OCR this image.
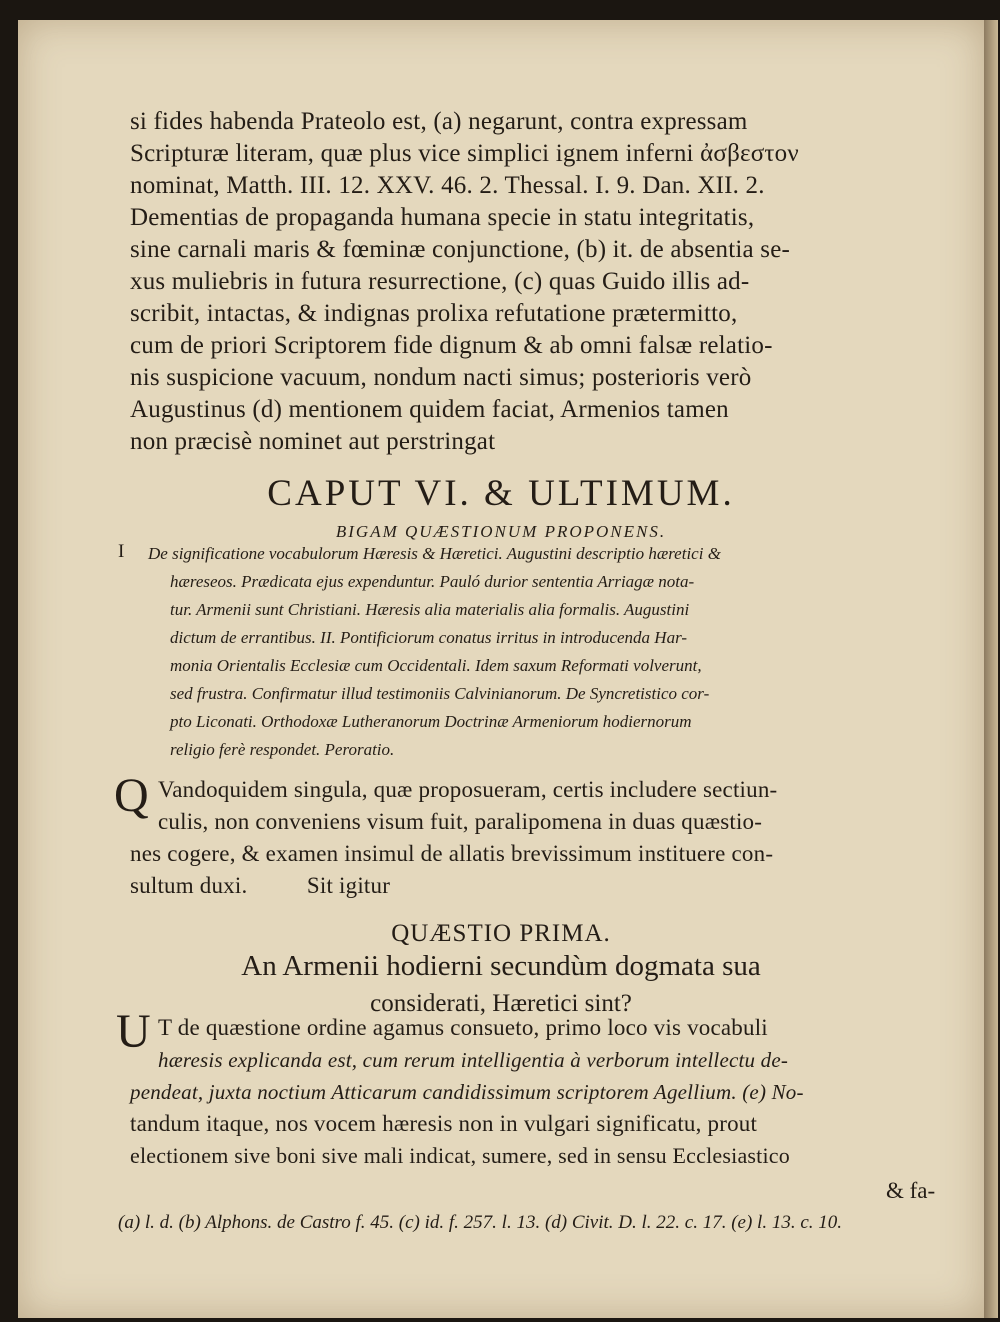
si fides habenda Prateolo est, (a) negarunt, contra expressam
Scripturæ literam, quæ plus vice simplici ignem inferni ἀσβεστον
nominat, Matth. III. 12. XXV. 46. 2. Thessal. I. 9. Dan. XII. 2.
Dementias de propaganda humana specie in statu integritatis,
sine carnali maris & fœminæ conjunctione, (b) it. de absentia se-
xus muliebris in futura resurrectione, (c) quas Guido illis ad-
scribit, intactas, & indignas prolixa refutatione prætermitto,
cum de priori Scriptorem fide dignum & ab omni falsæ relatio-
nis suspicione vacuum, nondum nacti simus; posterioris verò
Augustinus (d) mentionem quidem faciat, Armenios tamen
non præcisè nominet aut perstringat
CAPUT VI. & ULTIMUM.
BIGAM QUÆSTIONUM PROPONENS.
I De significatione vocabulorum Hæresis & Hæretici. Augustini descriptio hæretici &
hæreseos. Prædicata ejus expenduntur. Pauló durior sententia Arriagæ nota-
tur. Armenii sunt Christiani. Hæresis alia materialis alia formalis. Augustini
dictum de errantibus. II. Pontificiorum conatus irritus in introducenda Har-
monia Orientalis Ecclesiæ cum Occidentali. Idem saxum Reformati volverunt,
sed frustra. Confirmatur illud testimoniis Calvinianorum. De Syncretistico cor-
pto Liconati. Orthodoxæ Lutheranorum Doctrinæ Armeniorum hodiernorum
religio ferè respondet. Peroratio.
Q Vandoquidem singula, quæ proposueram, certis includere sectiun-
culis, non conveniens visum fuit, paralipomena in duas quæstio-
nes cogere, & examen insimul de allatis brevissimum instituere con-
sultum duxi.          Sit igitur
QUÆSTIO PRIMA.
An Armenii hodierni secundùm dogmata sua
considerati, Hæretici sint?
U T de quæstione ordine agamus consueto, primo loco vis vocabuli
hæresis explicanda est, cum rerum intelligentia à verborum intellectu de-
pendeat, juxta noctium Atticarum candidissimum scriptorem Agellium. (e) No-
tandum itaque, nos vocem hæresis non in vulgari significatu, prout
electionem sive boni sive mali indicat, sumere, sed in sensu Ecclesiastico
& fa-
(a) l. d. (b) Alphons. de Castro f. 45. (c) id. f. 257. l. 13. (d) Civit. D. l. 22. c. 17. (e) l. 13. c. 10.
